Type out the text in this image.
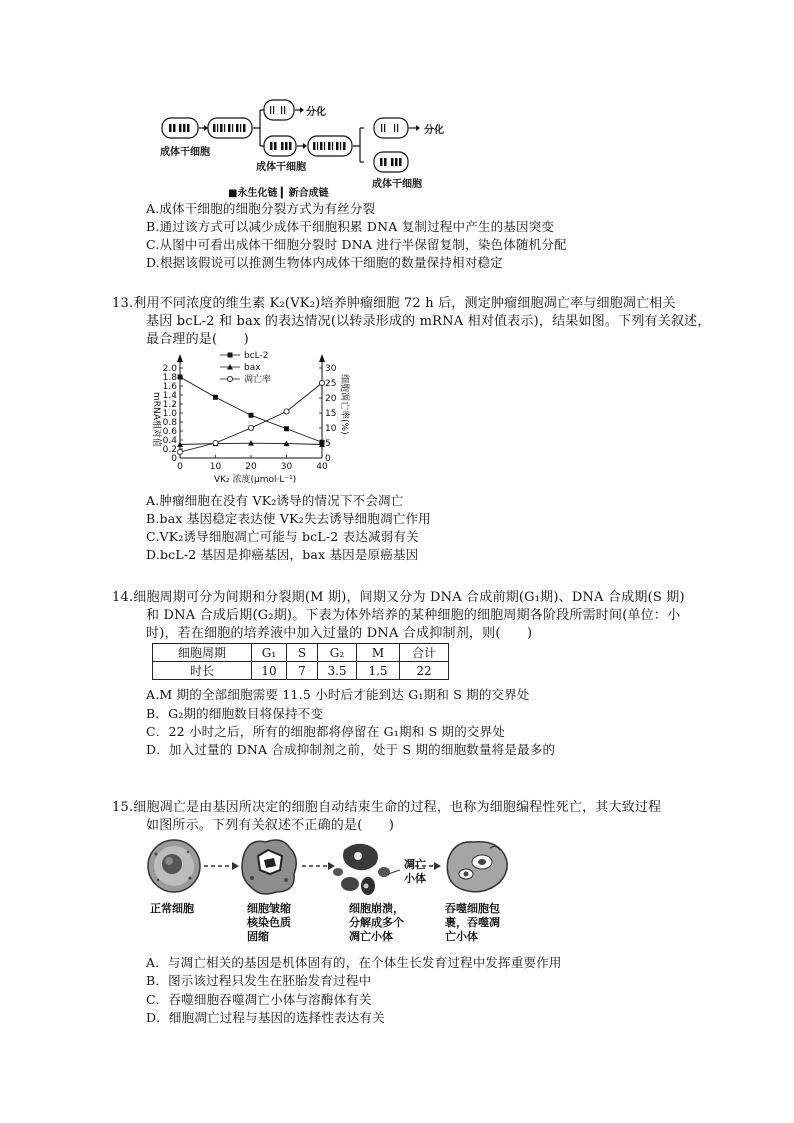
成体干细胞
成体干细胞
成体干细胞
分化
分化
■永生化链 ▎新合成链
A.成体干细胞的细胞分裂方式为有丝分裂
B.通过该方式可以减少成体干细胞积累 DNA 复制过程中产生的基因突变
C.从图中可看出成体干细胞分裂时 DNA 进行半保留复制，染色体随机分配
D.根据该假说可以推测生物体内成体干细胞的数量保持相对稳定
13.利用不同浓度的维生素 K₂(VK₂)培养肿瘤细胞 72 h 后，测定肿瘤细胞凋亡率与细胞凋亡相关
基因 bcL-2 和 bax 的表达情况(以转录形成的 mRNA 相对值表示)，结果如图。下列有关叙述，
最合理的是(　　)
bcL-2
bax
凋亡率
mRNA相对值	细胞凋亡率(%)
VK₂ 浓度(μmol·L⁻¹)
0	10	20	30	40
0
0.2
0.4
0.6
0.8
1.0
1.2
1.4
1.6
1.8
2.0
0
5
10
15
20
25
30
A.肿瘤细胞在没有 VK₂诱导的情况下不会凋亡
B.bax 基因稳定表达使 VK₂失去诱导细胞凋亡作用
C.VK₂诱导细胞凋亡可能与 bcL-2 表达减弱有关
D.bcL-2 基因是抑癌基因，bax 基因是原癌基因
14.细胞周期可分为间期和分裂期(M 期)，间期又分为 DNA 合成前期(G₁期)、DNA 合成期(S 期)
和 DNA 合成后期(G₂期)。下表为体外培养的某种细胞的细胞周期各阶段所需时间(单位：小
时)，若在细胞的培养液中加入过量的 DNA 合成抑制剂，则(　　)
细胞周期	G₁	S	G₂	M	合计
时长	10	7	3.5	1.5	22
A.M 期的全部细胞需要 11.5 小时后才能到达 G₁期和 S 期的交界处
B．G₂期的细胞数目将保持不变
C．22 小时之后，所有的细胞都将停留在 G₁期和 S 期的交界处
D．加入过量的 DNA 合成抑制剂之前，处于 S 期的细胞数量将是最多的
15.细胞凋亡是由基因所决定的细胞自动结束生命的过程，也称为细胞编程性死亡，其大致过程
如图所示。下列有关叙述不正确的是(　　)
正常细胞	细胞皱缩
核染色质
固缩
细胞崩溃，
分解成多个
凋亡小体
凋亡
小体
吞噬细胞包
裹，吞噬凋
亡小体
A．与凋亡相关的基因是机体固有的，在个体生长发育过程中发挥重要作用
B．图示该过程只发生在胚胎发育过程中
C．吞噬细胞吞噬凋亡小体与溶酶体有关
D．细胞凋亡过程与基因的选择性表达有关
